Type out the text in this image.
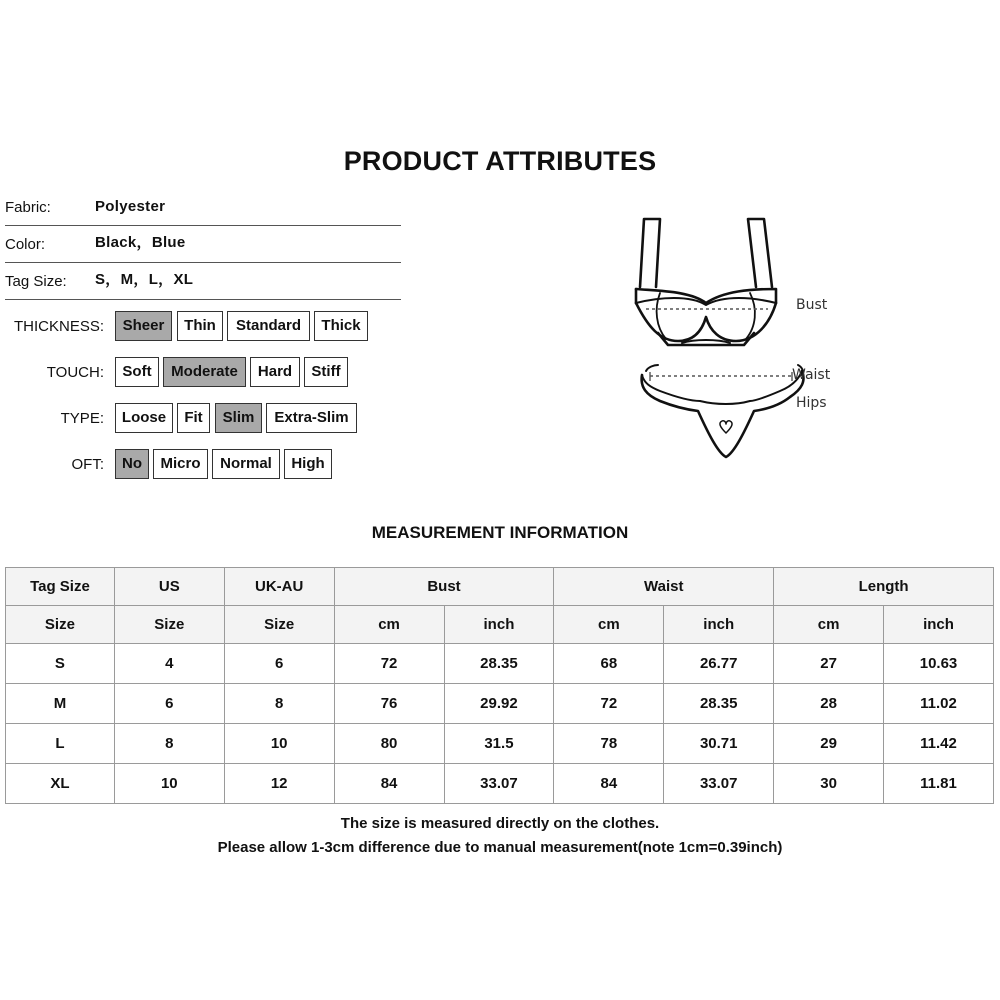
PRODUCT ATTRIBUTES
Fabric:	Polyester
Color:	Black，Blue
Tag Size: S，M，L，XL
THICKNESS:	Sheer	Thin	Standard	Thick
TOUCH:	Soft	Moderate	Hard	Stiff
TYPE:	Loose	Fit	Slim	Extra-Slim
OFT:	No	Micro	Normal	High
Bust
Waist
Hips
MEASUREMENT INFORMATION
Tag Size	US	UK-AU	Bust		Waist		Length	
Size	Size	Size	cm	inch	cm	inch	cm	inch
S	4	6	72	28.35	68	26.77	27	10.63
M	6	8	76	29.92	72	28.35	28	11.02
L	8	10	80	31.5	78	30.71	29	11.42
XL	10	12	84	33.07	84	33.07	30	11.81
The size is measured directly on the clothes.
Please allow 1-3cm difference due to manual measurement(note 1cm=0.39inch)
